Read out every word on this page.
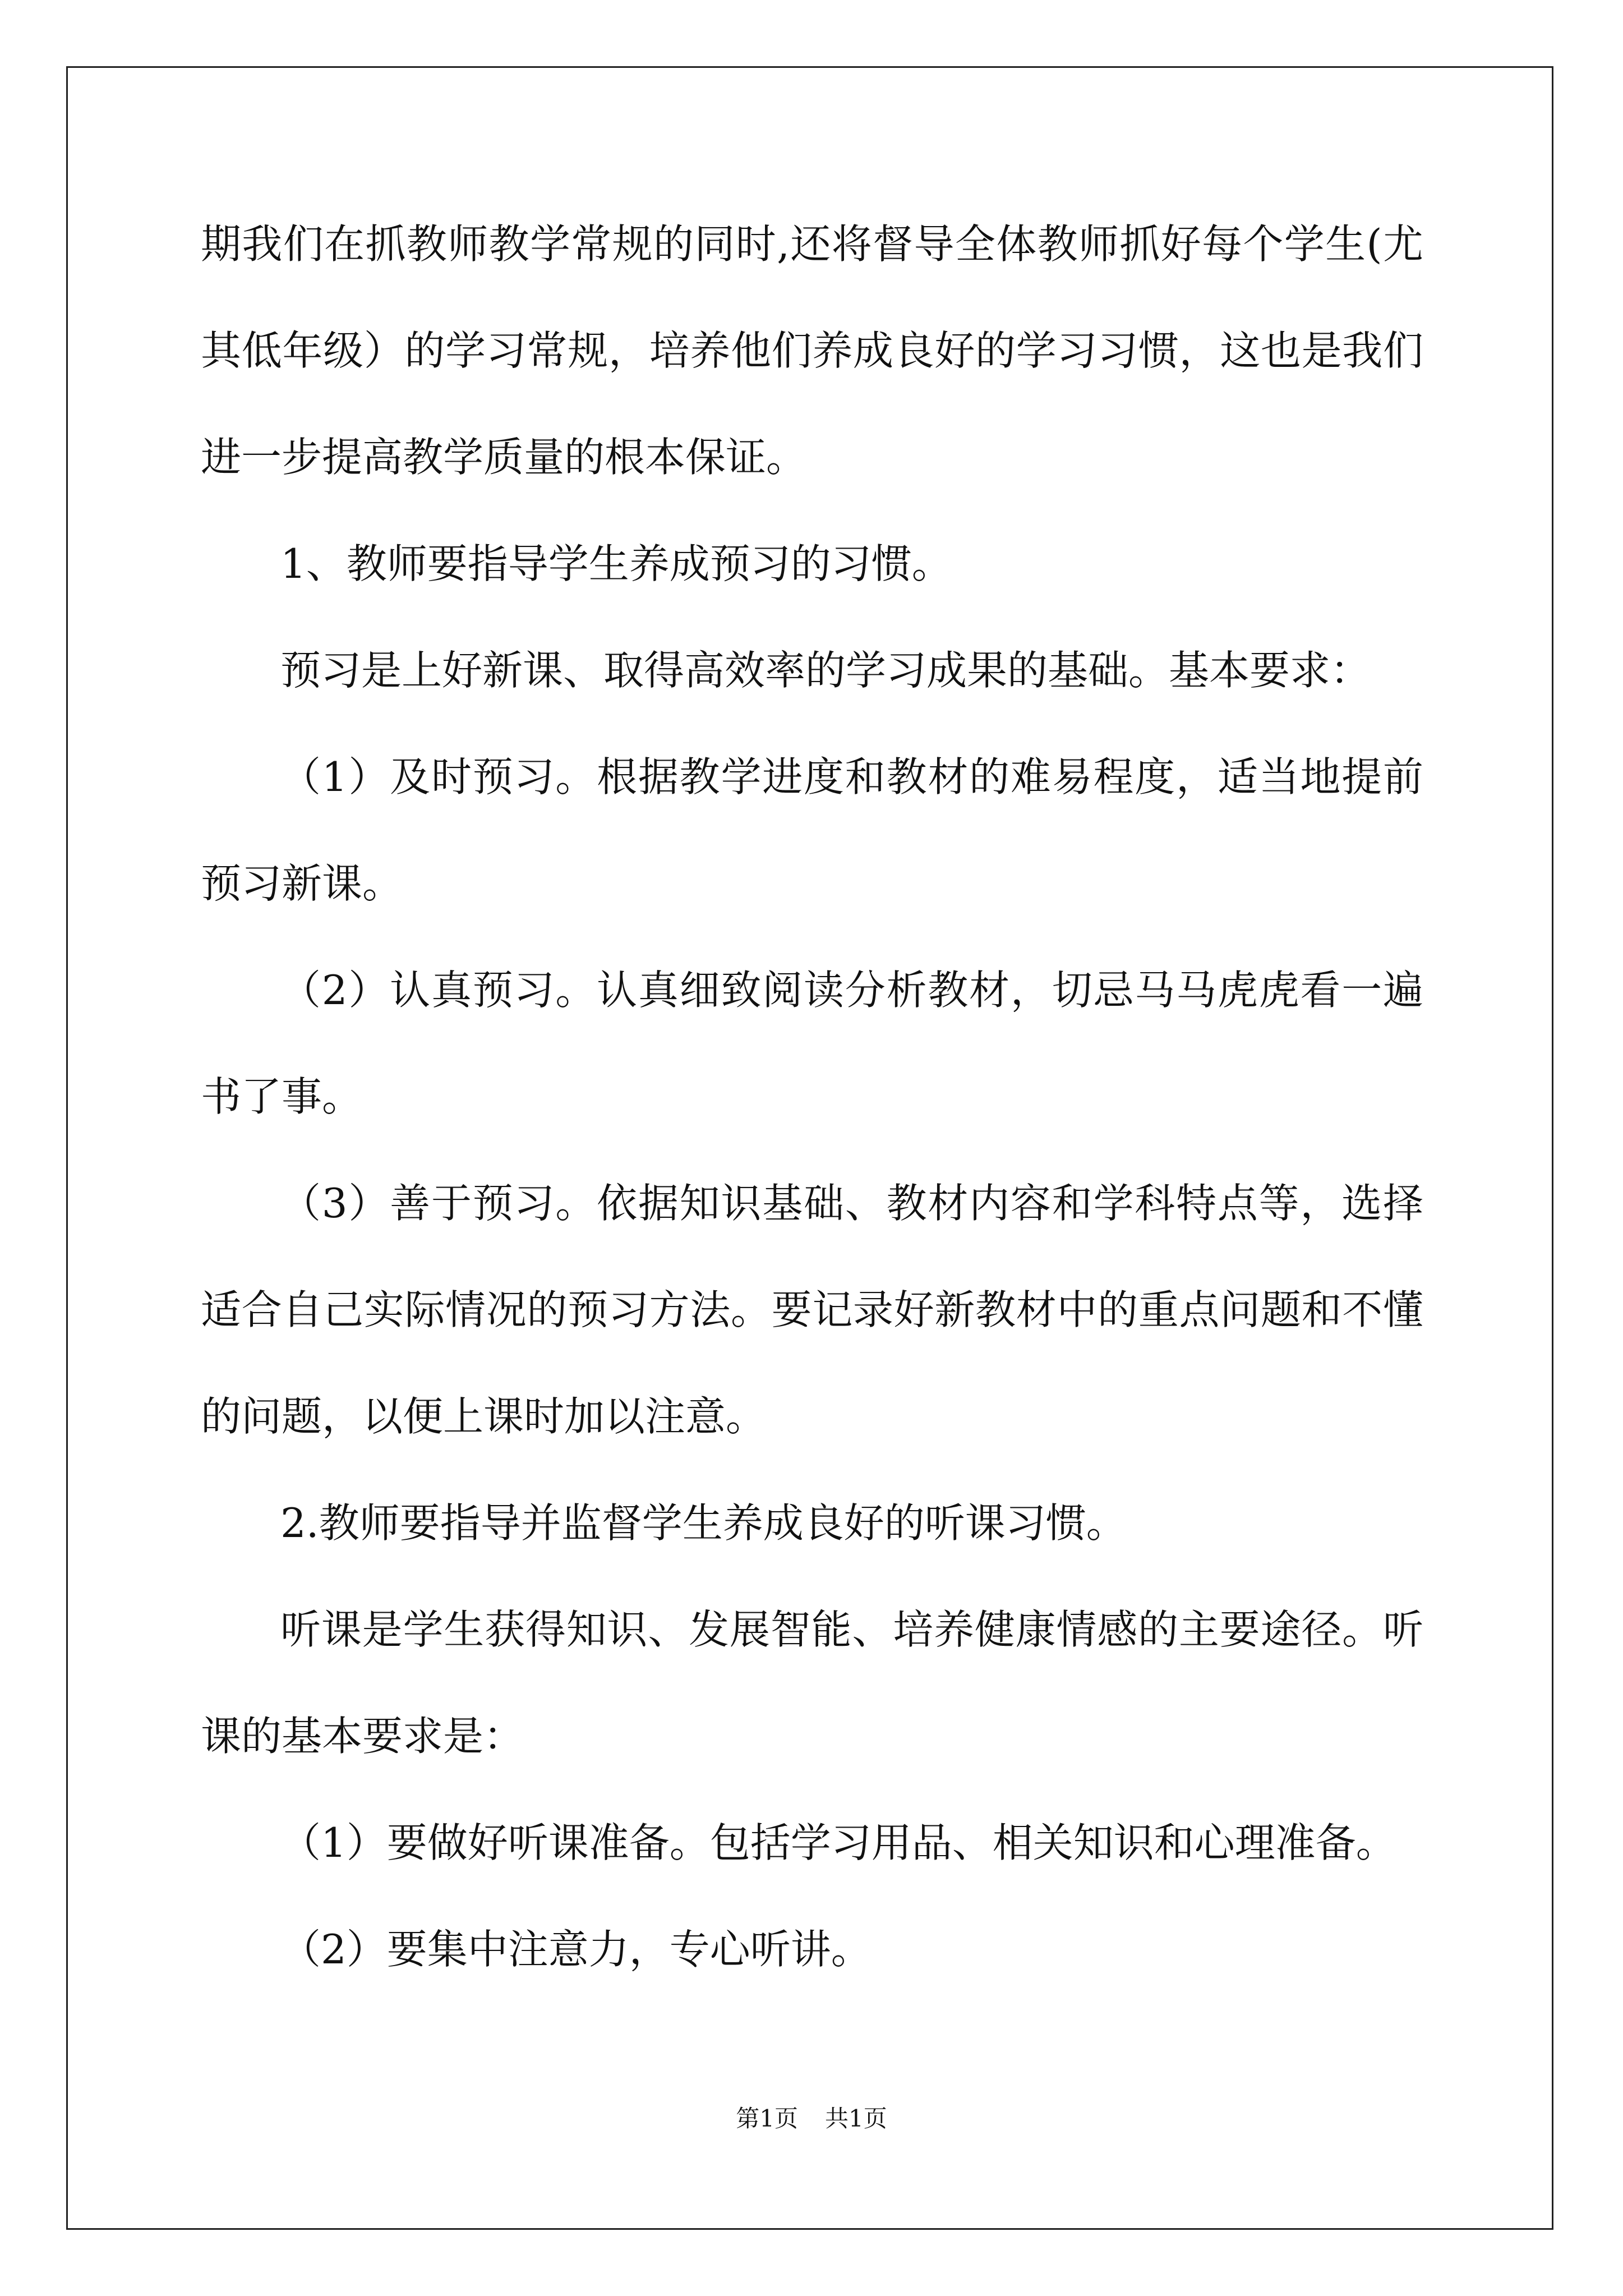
期我们在抓教师教学常规的同时,还将督导全体教师抓好每个学生(尤其低年级）的学习常规，培养他们养成良好的学习习惯，这也是我们进一步提高教学质量的根本保证。

1、教师要指导学生养成预习的习惯。

预习是上好新课、取得高效率的学习成果的基础。基本要求：

（1）及时预习。根据教学进度和教材的难易程度，适当地提前预习新课。

（2）认真预习。认真细致阅读分析教材，切忌马马虎虎看一遍书了事。

（3）善于预习。依据知识基础、教材内容和学科特点等，选择适合自己实际情况的预习方法。要记录好新教材中的重点问题和不懂的问题，以便上课时加以注意。

2.教师要指导并监督学生养成良好的听课习惯。

听课是学生获得知识、发展智能、培养健康情感的主要途径。听课的基本要求是：

（1）要做好听课准备。包括学习用品、相关知识和心理准备。

（2）要集中注意力，专心听讲。

第1页 共1页
